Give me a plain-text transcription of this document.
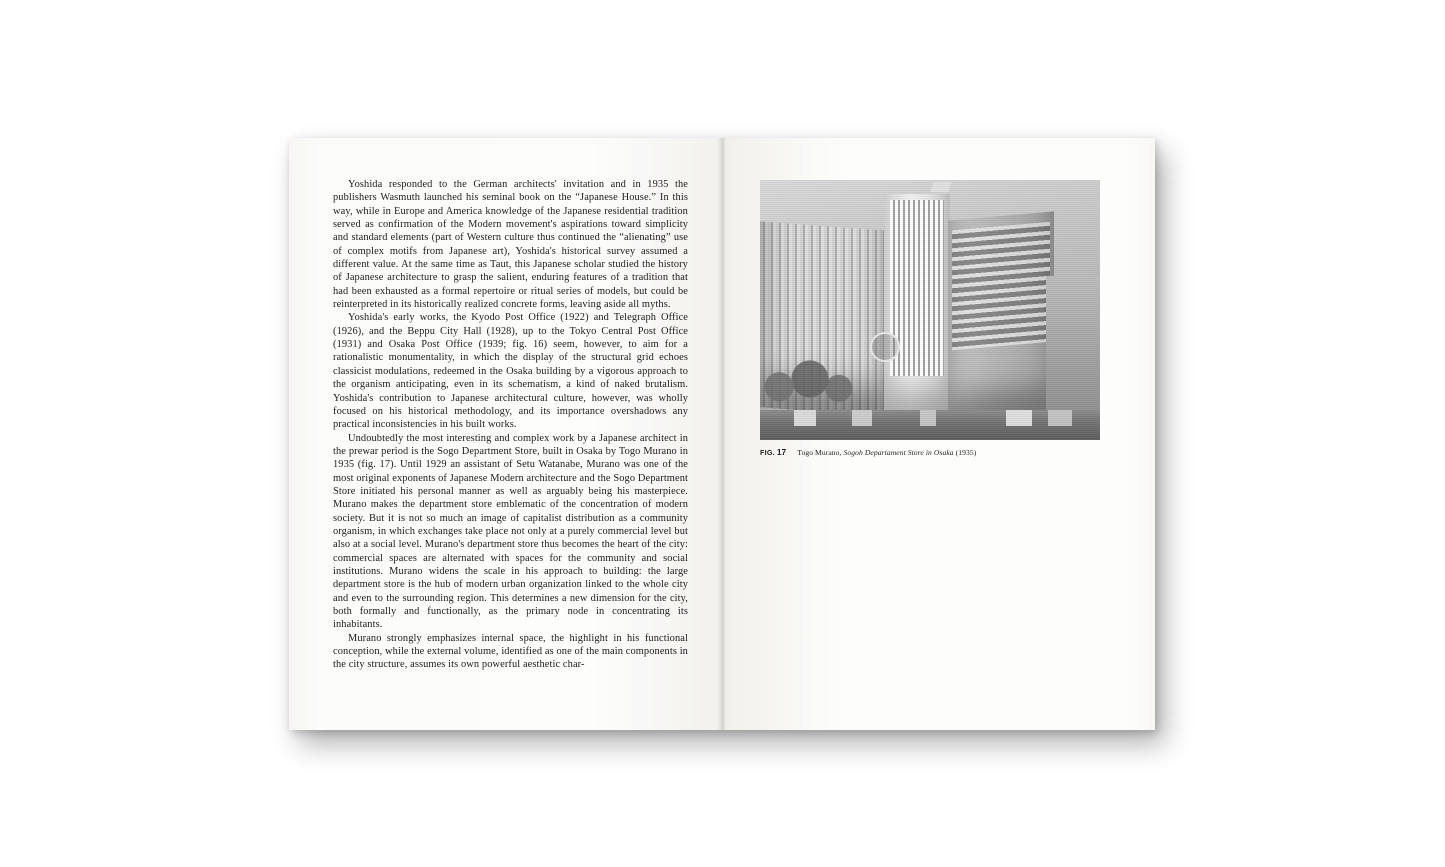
Yoshida responded to the German architects' invitation and in 1935 the publishers Wasmuth launched his seminal book on the “Japanese House.” In this way, while in Europe and America knowledge of the Japanese residential tradition served as confirmation of the Modern movement's aspirations toward simplicity and standard elements (part of Western culture thus continued the “alienating” use of complex motifs from Japanese art), Yoshida's historical survey assumed a different value. At the same time as Taut, this Japanese scholar studied the history of Japanese architecture to grasp the salient, enduring features of a tradition that had been exhausted as a formal repertoire or ritual series of models, but could be reinterpreted in its historically realized concrete forms, leaving aside all myths.

Yoshida's early works, the Kyodo Post Office (1922) and Telegraph Office (1926), and the Beppu City Hall (1928), up to the Tokyo Central Post Office (1931) and Osaka Post Office (1939; fig. 16) seem, however, to aim for a rationalistic monumentality, in which the display of the structural grid echoes classicist modulations, redeemed in the Osaka building by a vigorous approach to the organism anticipating, even in its schematism, a kind of naked brutalism. Yoshida's contribution to Japanese architectural culture, however, was wholly focused on his historical methodology, and its importance overshadows any practical inconsistencies in his built works.

Undoubtedly the most interesting and complex work by a Japanese architect in the prewar period is the Sogo Department Store, built in Osaka by Togo Murano in 1935 (fig. 17). Until 1929 an assistant of Setu Watanabe, Murano was one of the most original exponents of Japanese Modern architecture and the Sogo Department Store initiated his personal manner as well as arguably being his masterpiece. Murano makes the department store emblematic of the concentration of modern society. But it is not so much an image of capitalist distribution as a community organism, in which exchanges take place not only at a purely commercial level but also at a social level. Murano's department store thus becomes the heart of the city: commercial spaces are alternated with spaces for the community and social institutions. Murano widens the scale in his approach to building: the large department store is the hub of modern urban organization linked to the whole city and even to the surrounding region. This determines a new dimension for the city, both formally and functionally, as the primary node in concentrating its inhabitants.

Murano strongly emphasizes internal space, the highlight in his functional conception, while the external volume, identified as one of the main components in the city structure, assumes its own powerful aesthetic char-

FIG. 17 Togo Murano, Sogoh Departament Store in Osaka (1935)
